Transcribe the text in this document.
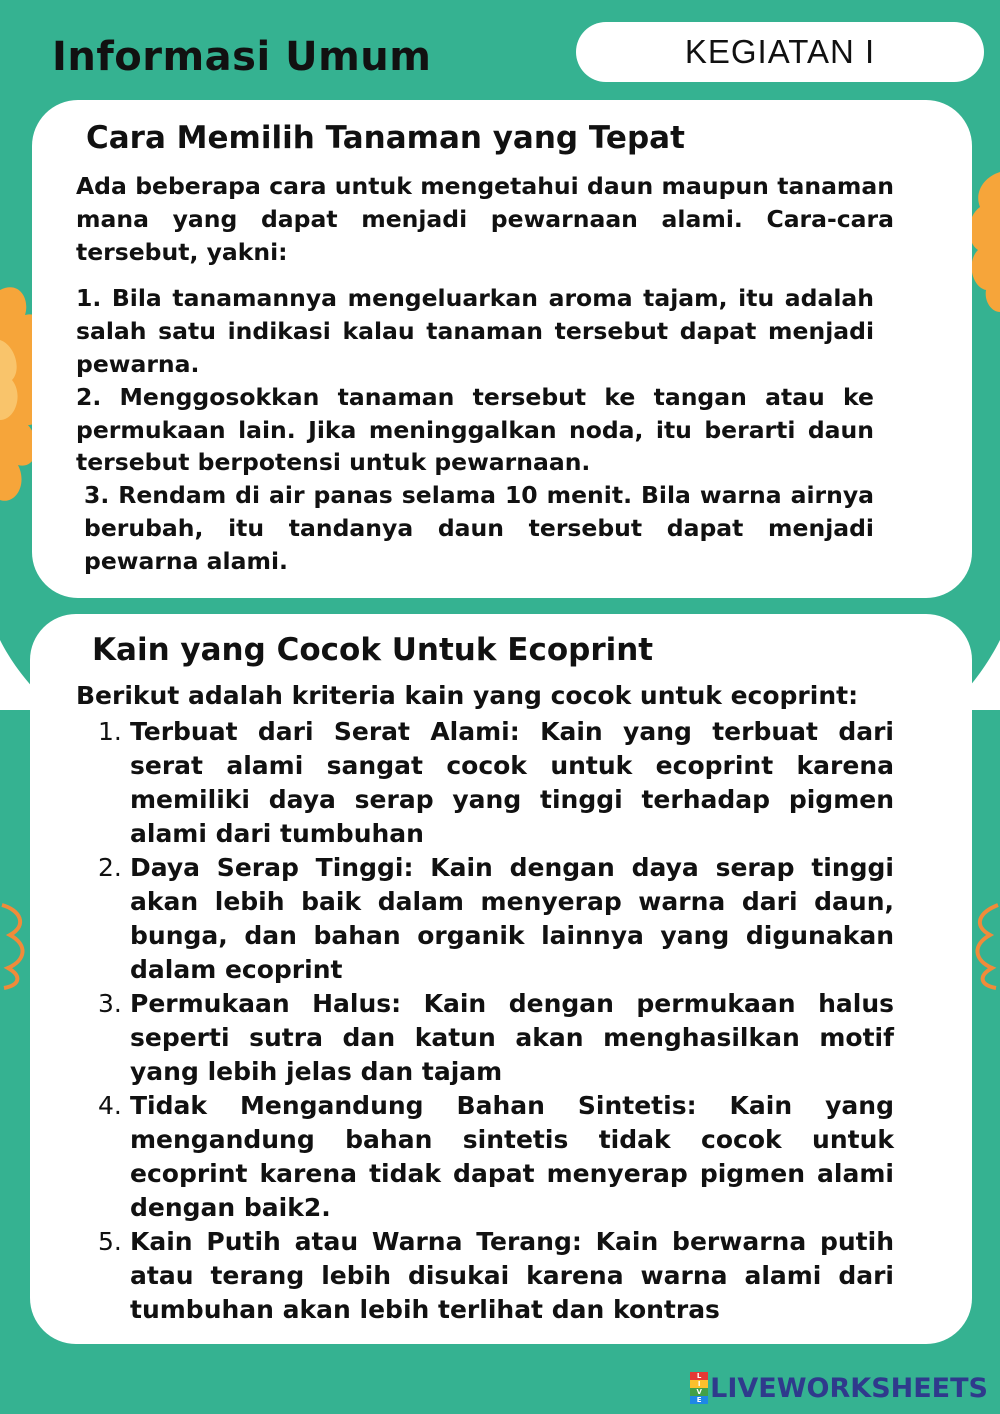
Informasi Umum	KEGIATAN I
Cara Memilih Tanaman yang Tepat

Ada beberapa cara untuk mengetahui daun maupun tanaman mana yang dapat menjadi pewarnaan alami. Cara-cara tersebut, yakni:

1. Bila tanamannya mengeluarkan aroma tajam, itu adalah salah satu indikasi kalau tanaman tersebut dapat menjadi pewarna.

2. Menggosokkan tanaman tersebut ke tangan atau ke permukaan lain. Jika meninggalkan noda, itu berarti daun tersebut berpotensi untuk pewarnaan.

3. Rendam di air panas selama 10 menit. Bila warna airnya berubah, itu tandanya daun tersebut dapat menjadi pewarna alami.

Kain yang Cocok Untuk Ecoprint

Berikut adalah kriteria kain yang cocok untuk ecoprint:

1. Terbuat dari Serat Alami: Kain yang terbuat dari serat alami sangat cocok untuk ecoprint karena memiliki daya serap yang tinggi terhadap pigmen alami dari tumbuhan
2. Daya Serap Tinggi: Kain dengan daya serap tinggi akan lebih baik dalam menyerap warna dari daun, bunga, dan bahan organik lainnya yang digunakan dalam ecoprint
3. Permukaan Halus: Kain dengan permukaan halus seperti sutra dan katun akan menghasilkan motif yang lebih jelas dan tajam
4. Tidak Mengandung Bahan Sintetis: Kain yang mengandung bahan sintetis tidak cocok untuk ecoprint karena tidak dapat menyerap pigmen alami dengan baik2.
5. Kain Putih atau Warna Terang: Kain berwarna putih atau terang lebih disukai karena warna alami dari tumbuhan akan lebih terlihat dan kontras
L
I
V
E LIVEWORKSHEETS
